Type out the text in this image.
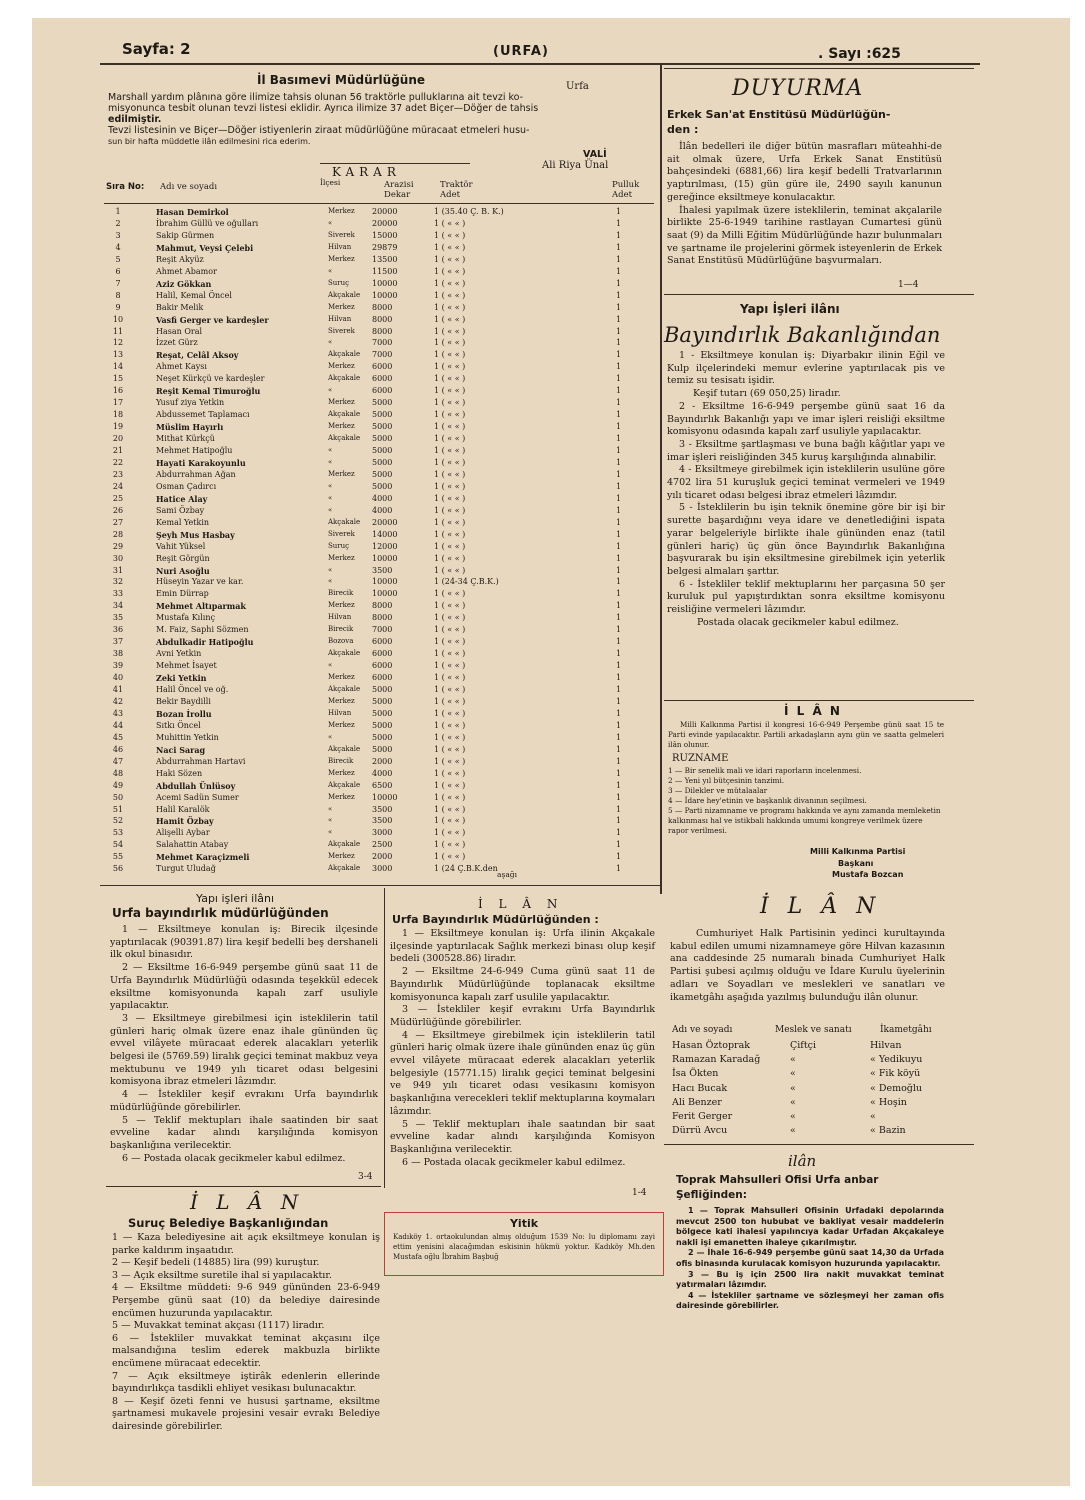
Sayfa: 2	(URFA)	. Sayı :625
İl Basımevi Müdürlüğüne	Urfa
Marshall yardım plânına göre ilimize tahsis olunan 56 traktörle pulluklarına ait tevzi ko-
misyonunca tesbit olunan tevzi listesi eklidir. Ayrıca ilimize 37 adet Biçer—Döğer de tahsis
edilmiştir.
Tevzi listesinin ve Biçer—Döğer istiyenlerin ziraat müdürlüğüne müracaat etmeleri husu-
sun bir hafta müddetle ilân edilmesini rica ederim.
VALİ
Ali Riya Ünal
KARAR
Sıra No: Adı ve soyadı	İlçesi	Arazisi Dekar
Traktör Adet
Pulluk Adet
aşağı
DUYURMA
Erkek San'at Enstitüsü Müdürlüğün-
den :

İlân bedelleri ile diğer bütün masrafları müteahhi-de ait olmak üzere, Urfa Erkek Sanat Enstitüsü bahçesindeki (6881,66) lira keşif bedelli Tratvarlarının yaptırılması, (15) gün güre ile, 2490 sayılı kanunun gereğince eksiltmeye konulacaktır.

İhalesi yapılmak üzere isteklilerin, teminat akçalarile birlikte 25-6-1949 tarihine rastlayan Cumartesi günü saat (9) da Milli Eğitim Müdürlüğünde hazır bulunmaları ve şartname ile projelerini görmek isteyenlerin de Erkek Sanat Enstitüsü Müdürlüğüne başvurmaları.

1—4
Yapı İşleri ilânı
Bayındırlık Bakanlığından

1 - Eksiltmeye konulan iş: Diyarbakır ilinin Eğil ve Kulp ilçelerindeki memur evlerine yaptırılacak pis ve temiz su tesisatı işidir.

Keşif tutarı (69 050,25) liradır.

2 - Eksiltme 16-6-949 perşembe günü saat 16 da Bayındırlık Bakanlığı yapı ve imar işleri reisliği eksiltme komisyonu odasında kapalı zarf usuliyle yapılacaktır.

3 - Eksiltme şartlaşması ve buna bağlı kâğıtlar yapı ve imar işleri reisliğinden 345 kuruş karşılığında alınabilir.

4 - Eksiltmeye girebilmek için isteklilerin usulüne göre 4702 lira 51 kuruşluk geçici teminat vermeleri ve 1949 yılı ticaret odası belgesi ibraz etmeleri lâzımdır.

5 - İsteklilerin bu işin teknik önemine göre bir işi bir surette başardığını veya idare ve denetlediğini ispata yarar belgeleriyle birlikte ihale gününden enaz (tatil günleri hariç) üç gün önce Bayındırlık Bakanlığına başvurarak bu işin eksiltmesine girebilmek için yeterlik belgesi almaları şarttır.

6 - İstekliler teklif mektuplarını her parçasına 50 şer kuruluk pul yapıştırdıktan sonra eksiltme komisyonu reisliğine vermeleri lâzımdır.

Postada olacak gecikmeler kabul edilmez.

İ L Â N

Milli Kalkınma Partisi il kongresi 16-6-949 Perşembe günü saat 15 te Parti evinde yapılacaktır. Partili arkadaşların aynı gün ve saatta gelmeleri ilân olunur.

RUZNAME
1 — Bir senelik mali ve idari raporların incelenmesi.
2 — Yeni yıl bütçesinin tanzimi.
3 — Dilekler ve mütalaalar
4 — İdare hey'etinin ve başkanlık divanının seçilmesi.
5 — Parti nizamname ve programı hakkında ve aynı zamanda memleketin kalkınması hal ve istikbali hakkında umumi kongreye verilmek üzere rapor verilmesi.
Milli Kalkınma Partisi
Başkanı
Mustafa Bozcan
Yapı işleri ilânı
Urfa bayındırlık müdürlüğünden

1 — Eksiltmeye konulan iş: Birecik ilçesinde yaptırılacak (90391.87) lira keşif bedelli beş dershaneli ilk okul binasıdır.

2 — Eksiltme 16-6-949 perşembe günü saat 11 de Urfa Bayındırlık Müdürlüğü odasında teşekkül edecek eksiltme komisyonunda kapalı zarf usuliyle yapılacaktır.

3 — Eksiltmeye girebilmesi için isteklilerin tatil günleri hariç olmak üzere enaz ihale gününden üç evvel vilâyete müracaat ederek alacakları yeterlik belgesi ile (5769.59) liralık geçici teminat makbuz veya mektubunu ve 1949 yılı ticaret odası belgesini komisyona ibraz etmeleri lâzımdır.

4 — İstekliler keşif evrakını Urfa bayındırlık müdürlüğünde görebilirler.

5 — Teklif mektupları ihale saatinden bir saat evveline kadar alındı karşılığında komisyon başkanlığına verilecektir.

6 — Postada olacak gecikmeler kabul edilmez.

3-4
İ L Â N
Urfa Bayındırlık Müdürlüğünden :

1 — Eksiltmeye konulan iş: Urfa ilinin Akçakale ilçesinde yaptırılacak Sağlık merkezi binası olup keşif bedeli (300528.86) liradır.

2 — Eksiltme 24-6-949 Cuma günü saat 11 de Bayındırlık Müdürlüğünde toplanacak eksiltme komisyonunca kapalı zarf usulile yapılacaktır.

3 — İstekliler keşif evrakını Urfa Bayındırlık Müdürlüğünde görebilirler.

4 — Eksiltmeye girebilmek için isteklilerin tatil günleri hariç olmak üzere ihale gününden enaz üç gün evvel vilâyete müracaat ederek alacakları yeterlik belgesiyle (15771.15) liralık geçici teminat belgesini ve 949 yılı ticaret odası vesikasını komisyon başkanlığına verecekleri teklif mektuplarına koymaları lâzımdır.

5 — Teklif mektupları ihale saatından bir saat evveline kadar alındı karşılığında Komisyon Başkanlığına verilecektir.

6 — Postada olacak gecikmeler kabul edilmez.

1-4
Yitik
Kadıköy 1. ortaokulundan almış olduğum 1539 No: lu diplomamı zayi ettim yenisini alacağımdan eskisinin hükmü yoktur. Kadıköy Mh.den Mustafa oğlu İbrahim Başbuğ
İ L Â N
Suruç Belediye Başkanlığından

1 — Kaza belediyesine ait açık eksiltmeye konulan iş parke kaldırım inşaatıdır.

2 — Keşif bedeli (14885) lira (99) kuruştur.

3 — Açık eksiltme suretile ihal si yapılacaktır.

4 — Eksiltme müddeti: 9-6 949 gününden 23-6-949 Perşembe günü saat (10) da belediye dairesinde encümen huzurunda yapılacaktır.

5 — Muvakkat teminat akçası (1117) liradır.

6 — İstekliler muvakkat teminat akçasını ilçe malsandığına teslim ederek makbuzla birlikte encümene müracaat edecektir.

7 — Açık eksiltmeye iştirâk edenlerin ellerinde bayındırlıkça tasdikli ehliyet vesikası bulunacaktır.

8 — Keşif özeti fenni ve hususi şartname, eksiltme şartnamesi mukavele projesini vesair evrakı Belediye dairesinde görebilirler.

İ L Â N

Cumhuriyet Halk Partisinin yedinci kurultayında kabul edilen umumi nizamnameye göre Hilvan kazasının ana caddesinde 25 numaralı binada Cumhuriyet Halk Partisi şubesi açılmış olduğu ve İdare Kurulu üyelerinin adları ve Soyadları ve meslekleri ve sanatları ve ikametgâhı aşağıda yazılmış bulunduğu ilân olunur.

Adı ve soyadı	Meslek ve sanatı	İkametgâhı
ilân
Toprak Mahsulleri Ofisi Urfa anbar
Şefliğinden:

1 — Toprak Mahsulleri Ofisinin Urfadaki depolarında mevcut 2500 ton hububat ve bakliyat vesair maddelerin bölgece kati ihalesi yapılıncıya kadar Urfadan Akçakaleye nakli işi emanetten ihaleye çıkarılmıştır.

2 — İhale 16-6-949 perşembe günü saat 14,30 da Urfada ofis binasında kurulacak komisyon huzurunda yapılacaktır.

3 — Bu iş için 2500 lira nakit muvakkat teminat yatırmaları lâzımdır.

4 — İstekliler şartname ve sözleşmeyi her zaman ofis dairesinde görebilirler.

1	Hasan Demirkol	Merkez 20000	1 (35.40 Ç. B. K.)	1
2	İbrahim Güllü ve oğulları	«	20000	1 ( « « )	1
3	Sakip Gürmen	Siverek 15000	1 ( « « )	1
4	Mahmut, Veysi Çelebi	Hilvan	29879	1 ( « « )	1
5	Reşit Akyüz	Merkez 13500	1 ( « « )	1
6	Ahmet Abamor	«	11500	1 ( « « )	1
7	Aziz Gökkan	Suruç	10000	1 ( « « )	1
8	Halil, Kemal Öncel	Akçakale 10000	1 ( « « )	1
9	Bakir Melik	Merkez 8000	1 ( « « )	1
10	Vasfi Gerger ve kardeşler	Hilvan	8000	1 ( « « )	1
11	Hasan Oral	Siverek 8000	1 ( « « )	1
12	İzzet Gürz	«	7000	1 ( « « )	1
13	Reşat, Celâl Aksoy	Akçakale 7000	1 ( « « )	1
14	Ahmet Kaysı	Merkez 6000	1 ( « « )	1
15	Neşet Kürkçü ve kardeşler	Akçakale 6000	1 ( « « )	1
16	Reşit Kemal Timuroğlu	«	6000	1 ( « « )	1
17	Yusuf ziya Yetkin	Merkez 5000	1 ( « « )	1
18	Abdussemet Taplamacı	Akçakale 5000	1 ( « « )	1
19	Müslim Hayırlı	Merkez 5000	1 ( « « )	1
20	Mithat Kürkçü	Akçakale 5000	1 ( « « )	1
21	Mehmet Hatipoğlu	«	5000	1 ( « « )	1
22	Hayati Karakoyunlu	«	5000	1 ( « « )	1
23	Abdurrahman Ağan	Merkez 5000	1 ( « « )	1
24	Osman Çadırcı	«	5000	1 ( « « )	1
25	Hatice Alay	«	4000	1 ( « « )	1
26	Sami Özbay	«	4000	1 ( « « )	1
27	Kemal Yetkin	Akçakale 20000	1 ( « « )	1
28	Şeyh Mus Hasbay	Siverek 14000	1 ( « « )	1
29	Vahit Yüksel	Suruç	12000	1 ( « « )	1
30	Reşit Görgün	Merkez 10000	1 ( « « )	1
31	Nuri Asoğlu	«	3500	1 ( « « )	1
32	Hüseyin Yazar ve kar.	«	10000	1 (24-34 Ç.B.K.)	1
33	Emin Dürrap	Birecik 10000	1 ( « « )	1
34	Mehmet Altıparmak	Merkez 8000	1 ( « « )	1
35	Mustafa Kılınç	Hilvan	8000	1 ( « « )	1
36	M. Faiz, Saphi Sözmen	Birecik 7000	1 ( « « )	1
37	Abdulkadir Hatipoğlu	Bozova 6000	1 ( « « )	1
38	Avni Yetkin	Akçakale 6000	1 ( « « )	1
39	Mehmet İsayet	«	6000	1 ( « « )	1
40	Zeki Yetkin	Merkez 6000	1 ( « « )	1
41	Halil Öncel ve oğ.	Akçakale 5000	1 ( « « )	1
42	Bekir Baydilli	Merkez 5000	1 ( « « )	1
43	Bozan İrollu	Hilvan	5000	1 ( « « )	1
44	Sıtkı Öncel	Merkez 5000	1 ( « « )	1
45	Muhittin Yetkin	«	5000	1 ( « « )	1
46	Naci Sarag	Akçakale 5000	1 ( « « )	1
47	Abdurrahman Hartavi	Birecik 2000	1 ( « « )	1
48	Haki Sözen	Merkez 4000	1 ( « « )	1
49	Abdullah Ünlüsoy	Akçakale 6500	1 ( « « )	1
50	Acemi Sadün Sumer	Merkez 10000	1 ( « « )	1
51	Halil Karalök	«	3500	1 ( « « )	1
52	Hamit Özbay	«	3500	1 ( « « )	1
53	Alişelli Aybar	«	3000	1 ( « « )	1
54	Salahattin Atabay	Akçakale 2500	1 ( « « )	1
55	Mehmet Karaçizmeli	Merkez 2000	1 ( « « )	1
56	Turgut Uludağ	Akçakale 3000	1 (24 Ç.B.K.den	1
Hasan Öztoprak	Çiftçi	Hilvan
Ramazan Karadağ	«	« Yedikuyu
İsa Ökten	«	« Fik köyü
Hacı Bucak	«	« Demoğlu
Ali Benzer	«	« Hoşin
Ferit Gerger	«	«
Dürrü Avcu	«	« Bazin
